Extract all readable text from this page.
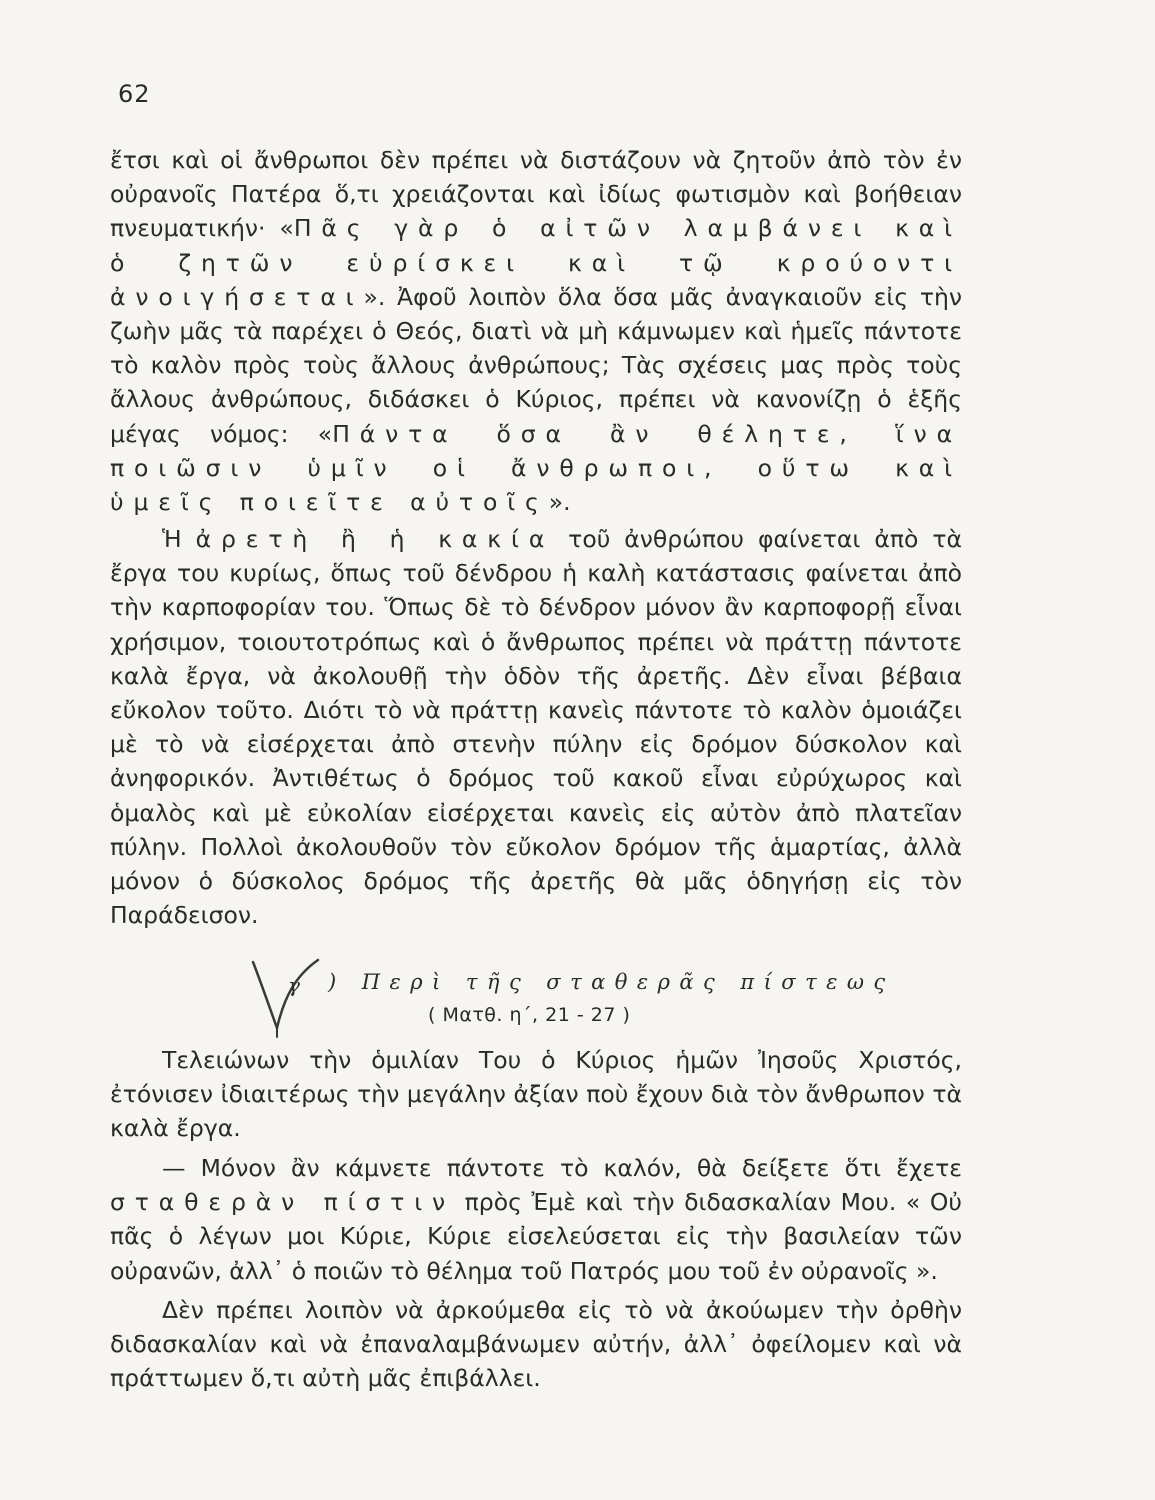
62
ἔτσι καὶ οἱ ἄνθρωποι δὲν πρέπει νὰ διστάζουν νὰ ζητοῦν ἀπὸ τὸν ἐν οὐρανοῖς Πατέρα ὅ,τι χρειάζονται καὶ ἰδίως φωτισμὸν καὶ βοήθειαν πνευματικήν· «Πᾶς γὰρ ὁ αἰτῶν λαμβάνει καὶ ὁ ζητῶν εὑρίσκει καὶ τῷ κρούοντι ἀνοιγήσεται». Ἀφοῦ λοιπὸν ὅλα ὅσα μᾶς ἀναγκαιοῦν εἰς τὴν ζωὴν μᾶς τὰ παρέχει ὁ Θεός, διατὶ νὰ μὴ κάμνωμεν καὶ ἡμεῖς πάντοτε τὸ καλὸν πρὸς τοὺς ἄλλους ἀνθρώπους; Τὰς σχέσεις μας πρὸς τοὺς ἄλλους ἀνθρώπους, διδάσκει ὁ Κύριος, πρέπει νὰ κανονίζῃ ὁ ἑξῆς μέγας νόμος: «Πάντα ὅσα ἂν θέλητε, ἵνα ποιῶσιν ὑμῖν οἱ ἄνθρωποι, οὕτω καὶ ὑμεῖς ποιεῖτε αὐτοῖς».
Ἡ ἀρετὴ ἢ ἡ κακία τοῦ ἀνθρώπου φαίνεται ἀπὸ τὰ ἔργα του κυρίως, ὅπως τοῦ δένδρου ἡ καλὴ κατάστασις φαίνεται ἀπὸ τὴν καρποφορίαν του. Ὅπως δὲ τὸ δένδρον μόνον ἂν καρποφορῇ εἶναι χρήσιμον, τοιουτοτρόπως καὶ ὁ ἄνθρωπος πρέπει νὰ πράττῃ πάντοτε καλὰ ἔργα, νὰ ἀκολουθῇ τὴν ὁδὸν τῆς ἀρετῆς. Δὲν εἶναι βέβαια εὔκολον τοῦτο. Διότι τὸ νὰ πράττῃ κανεὶς πάντοτε τὸ καλὸν ὁμοιάζει μὲ τὸ νὰ εἰσέρχεται ἀπὸ στενὴν πύλην εἰς δρόμον δύσκολον καὶ ἀνηφορικόν. Ἀντιθέτως ὁ δρόμος τοῦ κακοῦ εἶναι εὐρύχωρος καὶ ὁμαλὸς καὶ μὲ εὐκολίαν εἰσέρχεται κανεὶς εἰς αὐτὸν ἀπὸ πλατεῖαν πύλην. Πολλοὶ ἀκολουθοῦν τὸν εὔκολον δρόμον τῆς ἁμαρτίας, ἀλλὰ μόνον ὁ δύσκολος δρόμος τῆς ἀρετῆς θὰ μᾶς ὁδηγήσῃ εἰς τὸν Παράδεισον.
γ ) Περὶ τῆς σταθερᾶς πίστεως
( Ματθ. η΄, 21 - 27 )
Τελειώνων τὴν ὁμιλίαν Του ὁ Κύριος ἡμῶν Ἰησοῦς Χριστός, ἐτόνισεν ἰδιαιτέρως τὴν μεγάλην ἀξίαν ποὺ ἔχουν διὰ τὸν ἄνθρωπον τὰ καλὰ ἔργα.
— Μόνον ἂν κάμνετε πάντοτε τὸ καλόν, θὰ δείξετε ὅτι ἔχετε σταθερὰν πίστιν πρὸς Ἐμὲ καὶ τὴν διδασκαλίαν Μου. « Οὐ πᾶς ὁ λέγων μοι Κύριε, Κύριε εἰσελεύσεται εἰς τὴν βασιλείαν τῶν οὐρανῶν, ἀλλ᾽ ὁ ποιῶν τὸ θέλημα τοῦ Πατρός μου τοῦ ἐν οὐρανοῖς ».
Δὲν πρέπει λοιπὸν νὰ ἀρκούμεθα εἰς τὸ νὰ ἀκούωμεν τὴν ὀρθὴν διδασκαλίαν καὶ νὰ ἐπαναλαμβάνωμεν αὐτήν, ἀλλ᾽ ὀφείλομεν καὶ νὰ πράττωμεν ὅ,τι αὐτὴ μᾶς ἐπιβάλλει.
